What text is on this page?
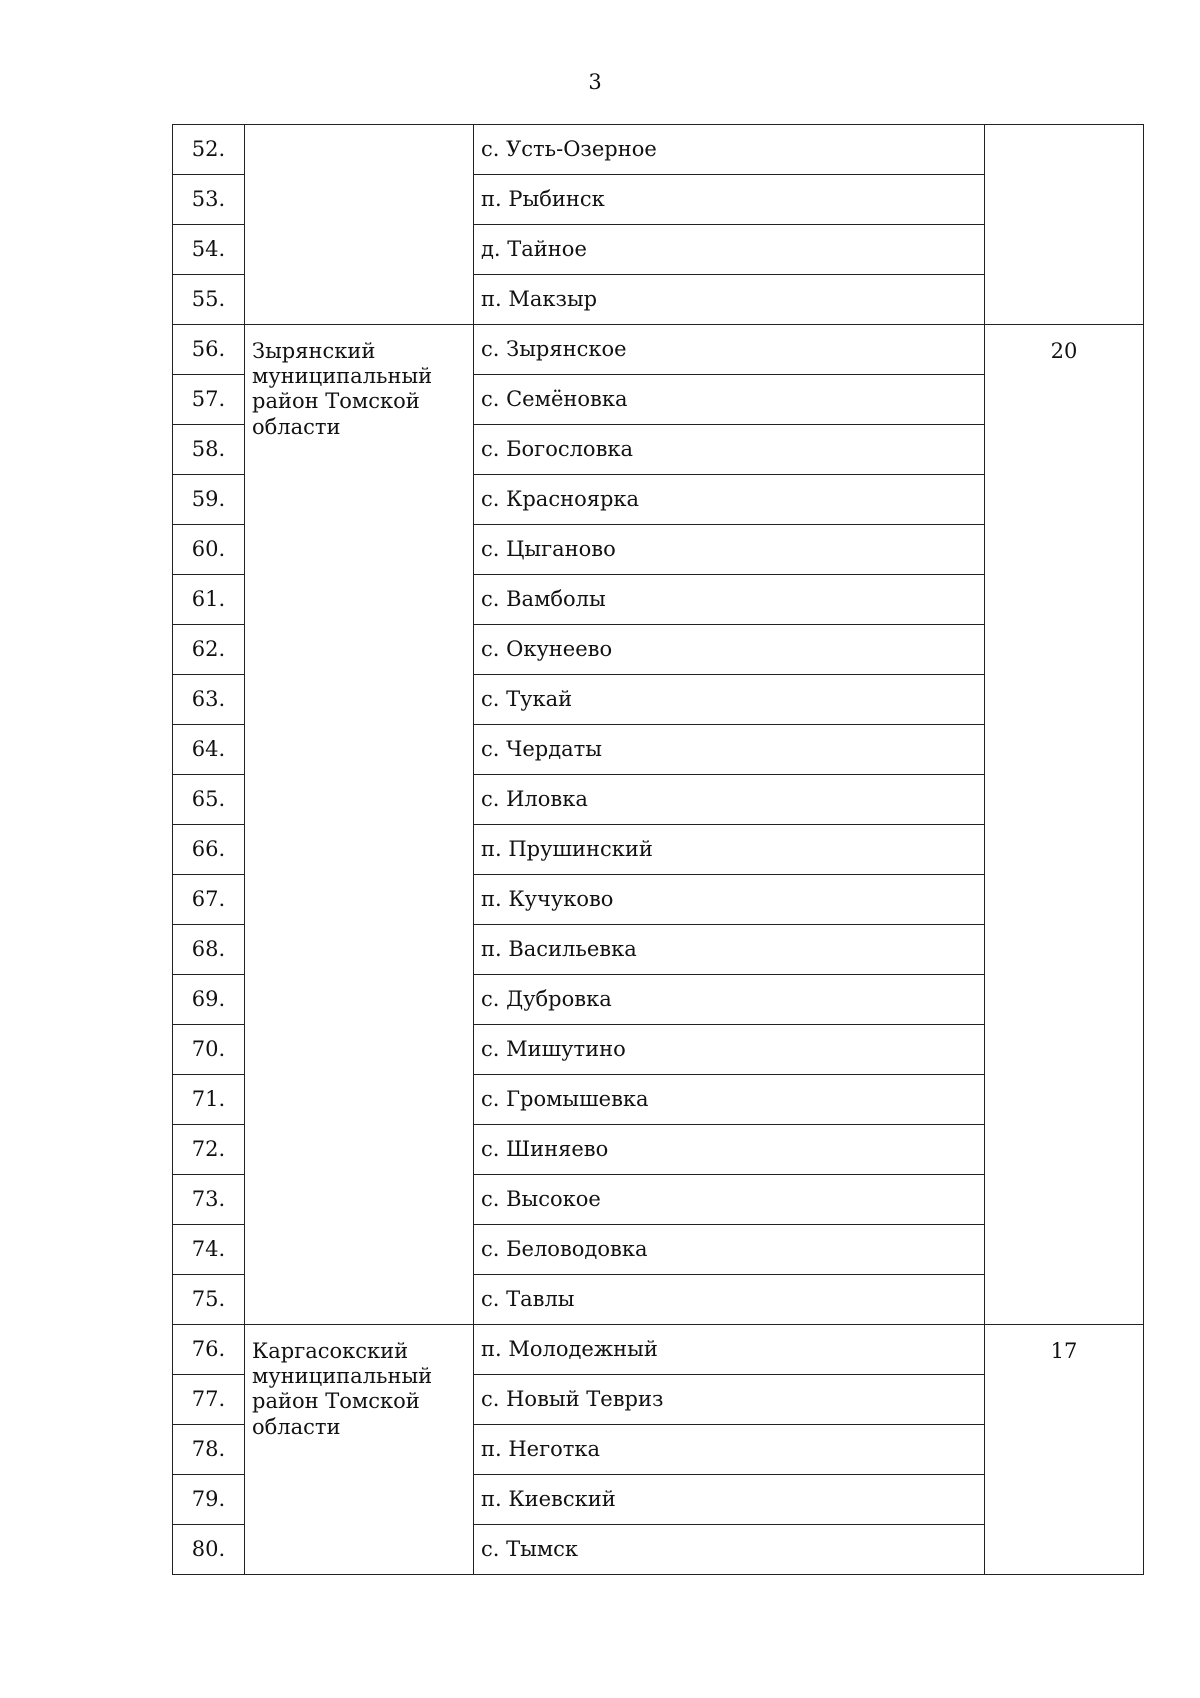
3
52.		с. Усть-Озерное	
53.		п. Рыбинск	
54.		д. Тайное	
55.		п. Макзыр	
56.	Зырянский
муниципальный
район Томской
области	с. Зырянское	20
57.		с. Семёновка	
58.		с. Богословка	
59.		с. Красноярка	
60.		с. Цыганово	
61.		с. Вамболы	
62.		с. Окунеево	
63.		с. Тукай	
64.		с. Чердаты	
65.		с. Иловка	
66.		п. Прушинский	
67.		п. Кучуково	
68.		п. Васильевка	
69.		с. Дубровка	
70.		с. Мишутино	
71.		с. Громышевка	
72.		с. Шиняево	
73.		с. Высокое	
74.		с. Беловодовка	
75.		с. Тавлы	
76.	Каргасокский
муниципальный
район Томской
области	п. Молодежный	17
77.		с. Новый Тевриз	
78.		п. Неготка	
79.		п. Киевский	
80.		с. Тымск	
